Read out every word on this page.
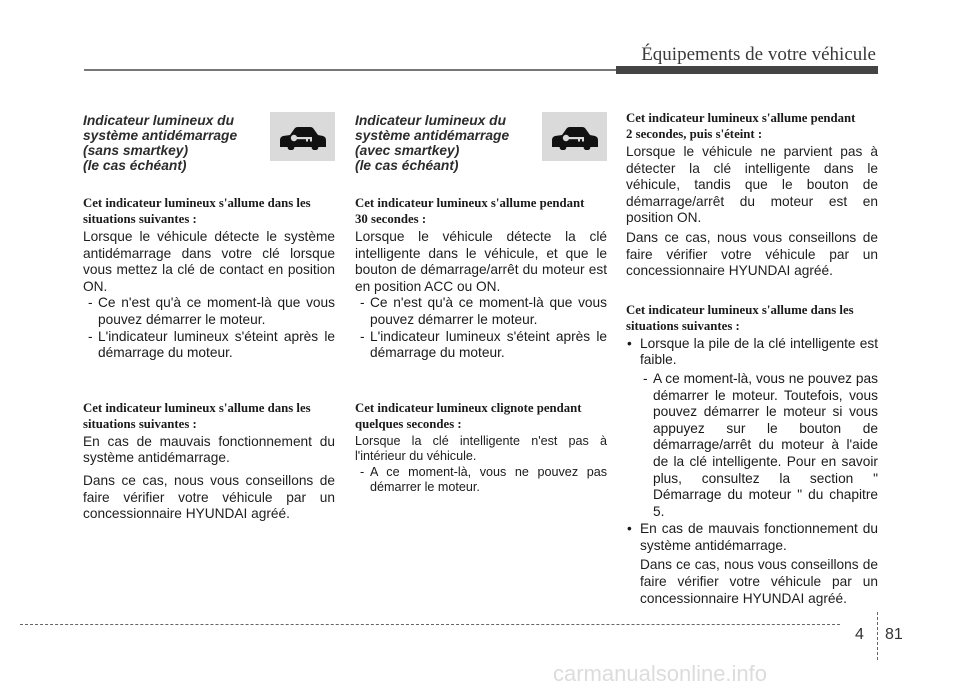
Équipements de votre véhicule
Indicateur lumineux du
système antidémarrage
(sans smartkey)
(le cas échéant)
Cet indicateur lumineux s'allume dans les
situations suivantes :
Lorsque le véhicule détecte le système antidémarrage dans votre clé lorsque vous mettez la clé de contact en position ON.
- Ce n'est qu'à ce moment-là que vous pouvez démarrer le moteur.
- L'indicateur lumineux s'éteint après le démarrage du moteur.
Cet indicateur lumineux s'allume dans les
situations suivantes :
En cas de mauvais fonctionnement du système antidémarrage.
Dans ce cas, nous vous conseillons de faire vérifier votre véhicule par un concessionnaire HYUNDAI agréé.
Indicateur lumineux du
système antidémarrage
(avec smartkey)
(le cas échéant)
Cet indicateur lumineux s'allume pendant
30 secondes :
Lorsque le véhicule détecte la clé intelligente dans le véhicule, et que le bouton de démarrage/arrêt du moteur est en position ACC ou ON.
- Ce n'est qu'à ce moment-là que vous pouvez démarrer le moteur.
- L'indicateur lumineux s'éteint après le démarrage du moteur.
Cet indicateur lumineux clignote pendant
quelques secondes :
Lorsque la clé intelligente n'est pas à l'intérieur du véhicule.
- A ce moment-là, vous ne pouvez pas démarrer le moteur.
Cet indicateur lumineux s'allume pendant
2 secondes, puis s'éteint :
Lorsque le véhicule ne parvient pas à détecter la clé intelligente dans le véhicule, tandis que le bouton de démarrage/arrêt du moteur est en position ON.
Dans ce cas, nous vous conseillons de faire vérifier votre véhicule par un concessionnaire HYUNDAI agréé.
Cet indicateur lumineux s'allume dans les
situations suivantes :
• Lorsque la pile de la clé intelligente est faible.
- A ce moment-là, vous ne pouvez pas démarrer le moteur. Toutefois, vous pouvez démarrer le moteur si vous appuyez sur le bouton de démarrage/arrêt du moteur à l'aide de la clé intelligente. Pour en savoir plus, consultez la section " Démarrage du moteur " du chapitre 5.
• En cas de mauvais fonctionnement du système antidémarrage.
Dans ce cas, nous vous conseillons de faire vérifier votre véhicule par un concessionnaire HYUNDAI agréé.
4 81
carmanualsonline.info
